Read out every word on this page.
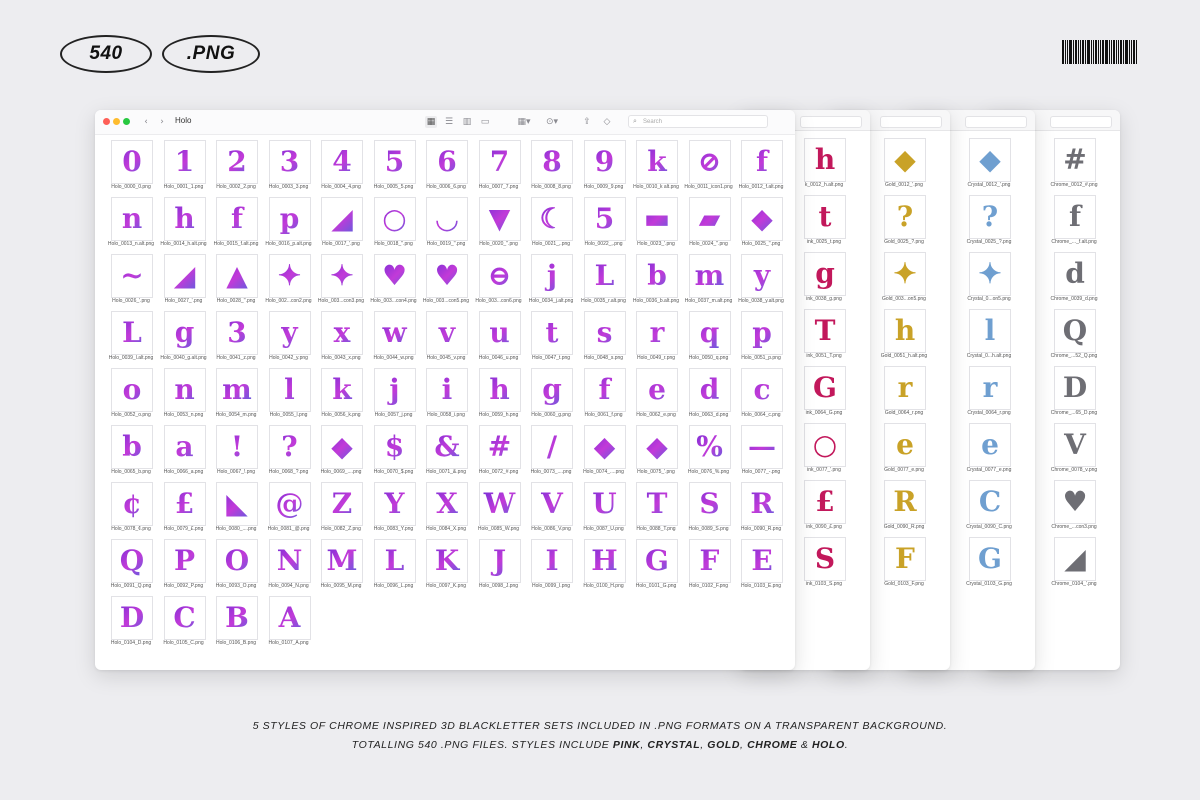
540	.PNG
#
Chrome_0012_#.png
f
Chrome_..._f.alt.png
d
Chrome_0039_d.png
Q
Chrome_...52_Q.png
D
Chrome_...65_D.png
V
Chrome_0078_v.png
♥
Chrome_...con3.png
◢
Chrome_0104_'.png
◆
Crystal_0012_'.png
?
Crystal_0025_?.png
✦
Crystal_0...on5.png
l
Crystal_0...h.alt.png
r
Crystal_0064_r.png
e
Crystal_0077_e.png
C
Crystal_0090_C.png
G
Crystal_0103_G.png
◆
Gold_0012_'.png
?
Gold_0025_?.png
✦
Gold_003...on5.png
h
Gold_0051_h.alt.png
r
Gold_0064_r.png
e
Gold_0077_e.png
R
Gold_0090_R.png
F
Gold_0103_F.png
h
k_0012_h.alt.png
t
ink_0025_t.png
g
ink_0038_g.png
T
ink_0051_T.png
G
ink_0064_G.png
○
ink_0077_'.png
£
ink_0090_£.png
S
ink_0103_S.png
‹	›	Holo	▦ ☰ ▥ ▭	▦▾	⊙▾	⇪ ◇	⌕ Search
0
Holo_0000_0.png
1
Holo_0001_1.png
2
Holo_0002_2.png
3
Holo_0003_3.png
4
Holo_0004_4.png
5
Holo_0005_5.png
6
Holo_0006_6.png
7
Holo_0007_7.png
8
Holo_0008_8.png
9
Holo_0009_9.png
k
Holo_0010_k alt.png
⊘
Holo_0011_icon1.png
f
Holo_0012_f.alt.png
n
Holo_0013_n.alt.png
h
Holo_0014_h.alt.png
f
Holo_0015_f.alt.png
p
Holo_0016_p.alt.png
◢
Holo_0017_'.png
○
Holo_0018_''.png
◡
Holo_0019_''.png
▼
Holo_0020_''.png
☾
Holo_0021_,.png
5
Holo_0022_,.png
▬
Holo_0023_'.png
▰
Holo_0024_''.png
◆
Holo_0025_''.png
~
Holo_0026_'.png
◢
Holo_0027_'.png
▲
Holo_0028_''.png
✦
Holo_002...con2.png
✦
Holo_003...con3.png
♥
Holo_003...con4.png
♥
Holo_003...con5.png
⊖
Holo_003...con6.png
j
Holo_0034_j.alt.png
L
Holo_0035_r.alt.png
b
Holo_0036_b.alt.png
m
Holo_0037_m.alt.png
y
Holo_0038_y.alt.png
L
Holo_0039_l.alt.png
g
Holo_0040_g.alt.png
3
Holo_0041_z.png
y
Holo_0042_y.png
x
Holo_0043_x.png
w
Holo_0044_w.png
v
Holo_0045_v.png
u
Holo_0046_u.png
t
Holo_0047_t.png
s
Holo_0048_s.png
r
Holo_0049_r.png
q
Holo_0050_q.png
p
Holo_0051_p.png
o
Holo_0052_o.png
n
Holo_0053_n.png
m
Holo_0054_m.png
l
Holo_0055_l.png
k
Holo_0056_k.png
j
Holo_0057_j.png
i
Holo_0058_i.png
h
Holo_0059_h.png
g
Holo_0060_g.png
f
Holo_0061_f.png
e
Holo_0062_e.png
d
Holo_0063_d.png
c
Holo_0064_c.png
b
Holo_0065_b.png
a
Holo_0066_a.png
!
Holo_0067_!.png
?
Holo_0068_?.png
◆
Holo_0069_....png
$
Holo_0070_$.png
&
Holo_0071_&.png
#
Holo_0072_#.png
/
Holo_0073_....png
◆
Holo_0074_....png
◆
Holo_0075_'.png
%
Holo_0076_%.png
—
Holo_0077_-.png
¢
Holo_0078_¢.png
£
Holo_0079_£.png
◣
Holo_0080_....png
@
Holo_0081_@.png
Z
Holo_0082_Z.png
Y
Holo_0083_Y.png
X
Holo_0084_X.png
W
Holo_0085_W.png
V
Holo_0086_V.png
U
Holo_0087_U.png
T
Holo_0088_T.png
S
Holo_0089_S.png
R
Holo_0090_R.png
Q
Holo_0091_Q.png
P
Holo_0092_P.png
O
Holo_0093_O.png
N
Holo_0094_N.png
M
Holo_0095_M.png
L
Holo_0096_L.png
K
Holo_0097_K.png
J
Holo_0098_J.png
I
Holo_0099_I.png
H
Holo_0100_H.png
G
Holo_0101_G.png
F
Holo_0102_F.png
E
Holo_0103_E.png
D
Holo_0104_D.png
C
Holo_0105_C.png
B
Holo_0106_B.png
A
Holo_0107_A.png
5 STYLES OF CHROME INSPIRED 3D BLACKLETTER SETS INCLUDED IN .PNG FORMATS ON A TRANSPARENT BACKGROUND.
TOTALLING 540 .PNG FILES. STYLES INCLUDE PINK, CRYSTAL, GOLD, CHROME & HOLO.
